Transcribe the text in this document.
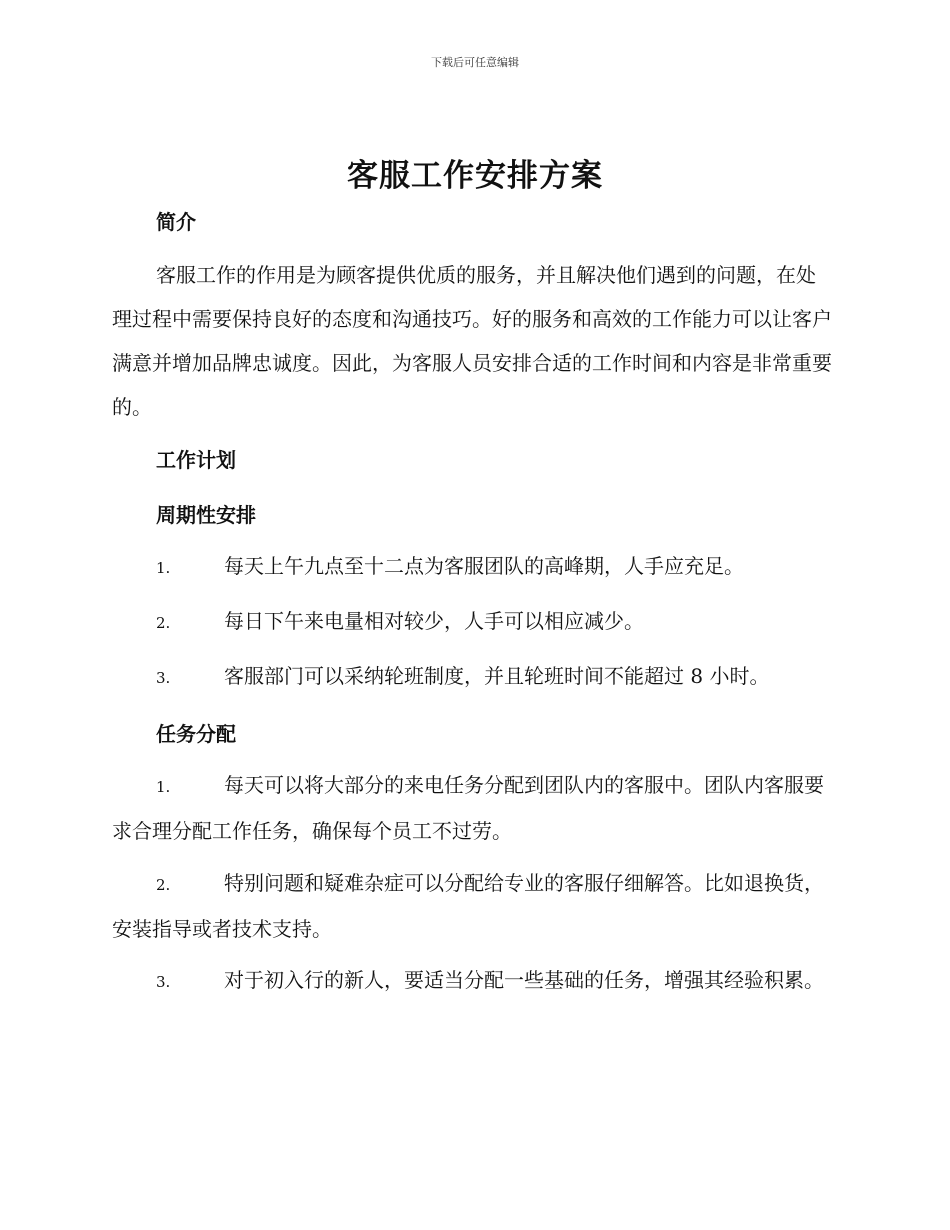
下载后可任意编辑
客服工作安排方案
简介

客服工作的作用是为顾客提供优质的服务，并且解决他们遇到的问题，在处理过程中需要保持良好的态度和沟通技巧。好的服务和高效的工作能力可以让客户满意并增加品牌忠诚度。因此，为客服人员安排合适的工作时间和内容是非常重要的。

工作计划
周期性安排

1.	每天上午九点至十二点为客服团队的高峰期，人手应充足。

2.	每日下午来电量相对较少，人手可以相应减少。

3.	客服部门可以采纳轮班制度，并且轮班时间不能超过 8 小时。

任务分配

1.	每天可以将大部分的来电任务分配到团队内的客服中。团队内客服要求合理分配工作任务，确保每个员工不过劳。

2.	特别问题和疑难杂症可以分配给专业的客服仔细解答。比如退换货，安装指导或者技术支持。

3.	对于初入行的新人，要适当分配一些基础的任务，增强其经验积累。
